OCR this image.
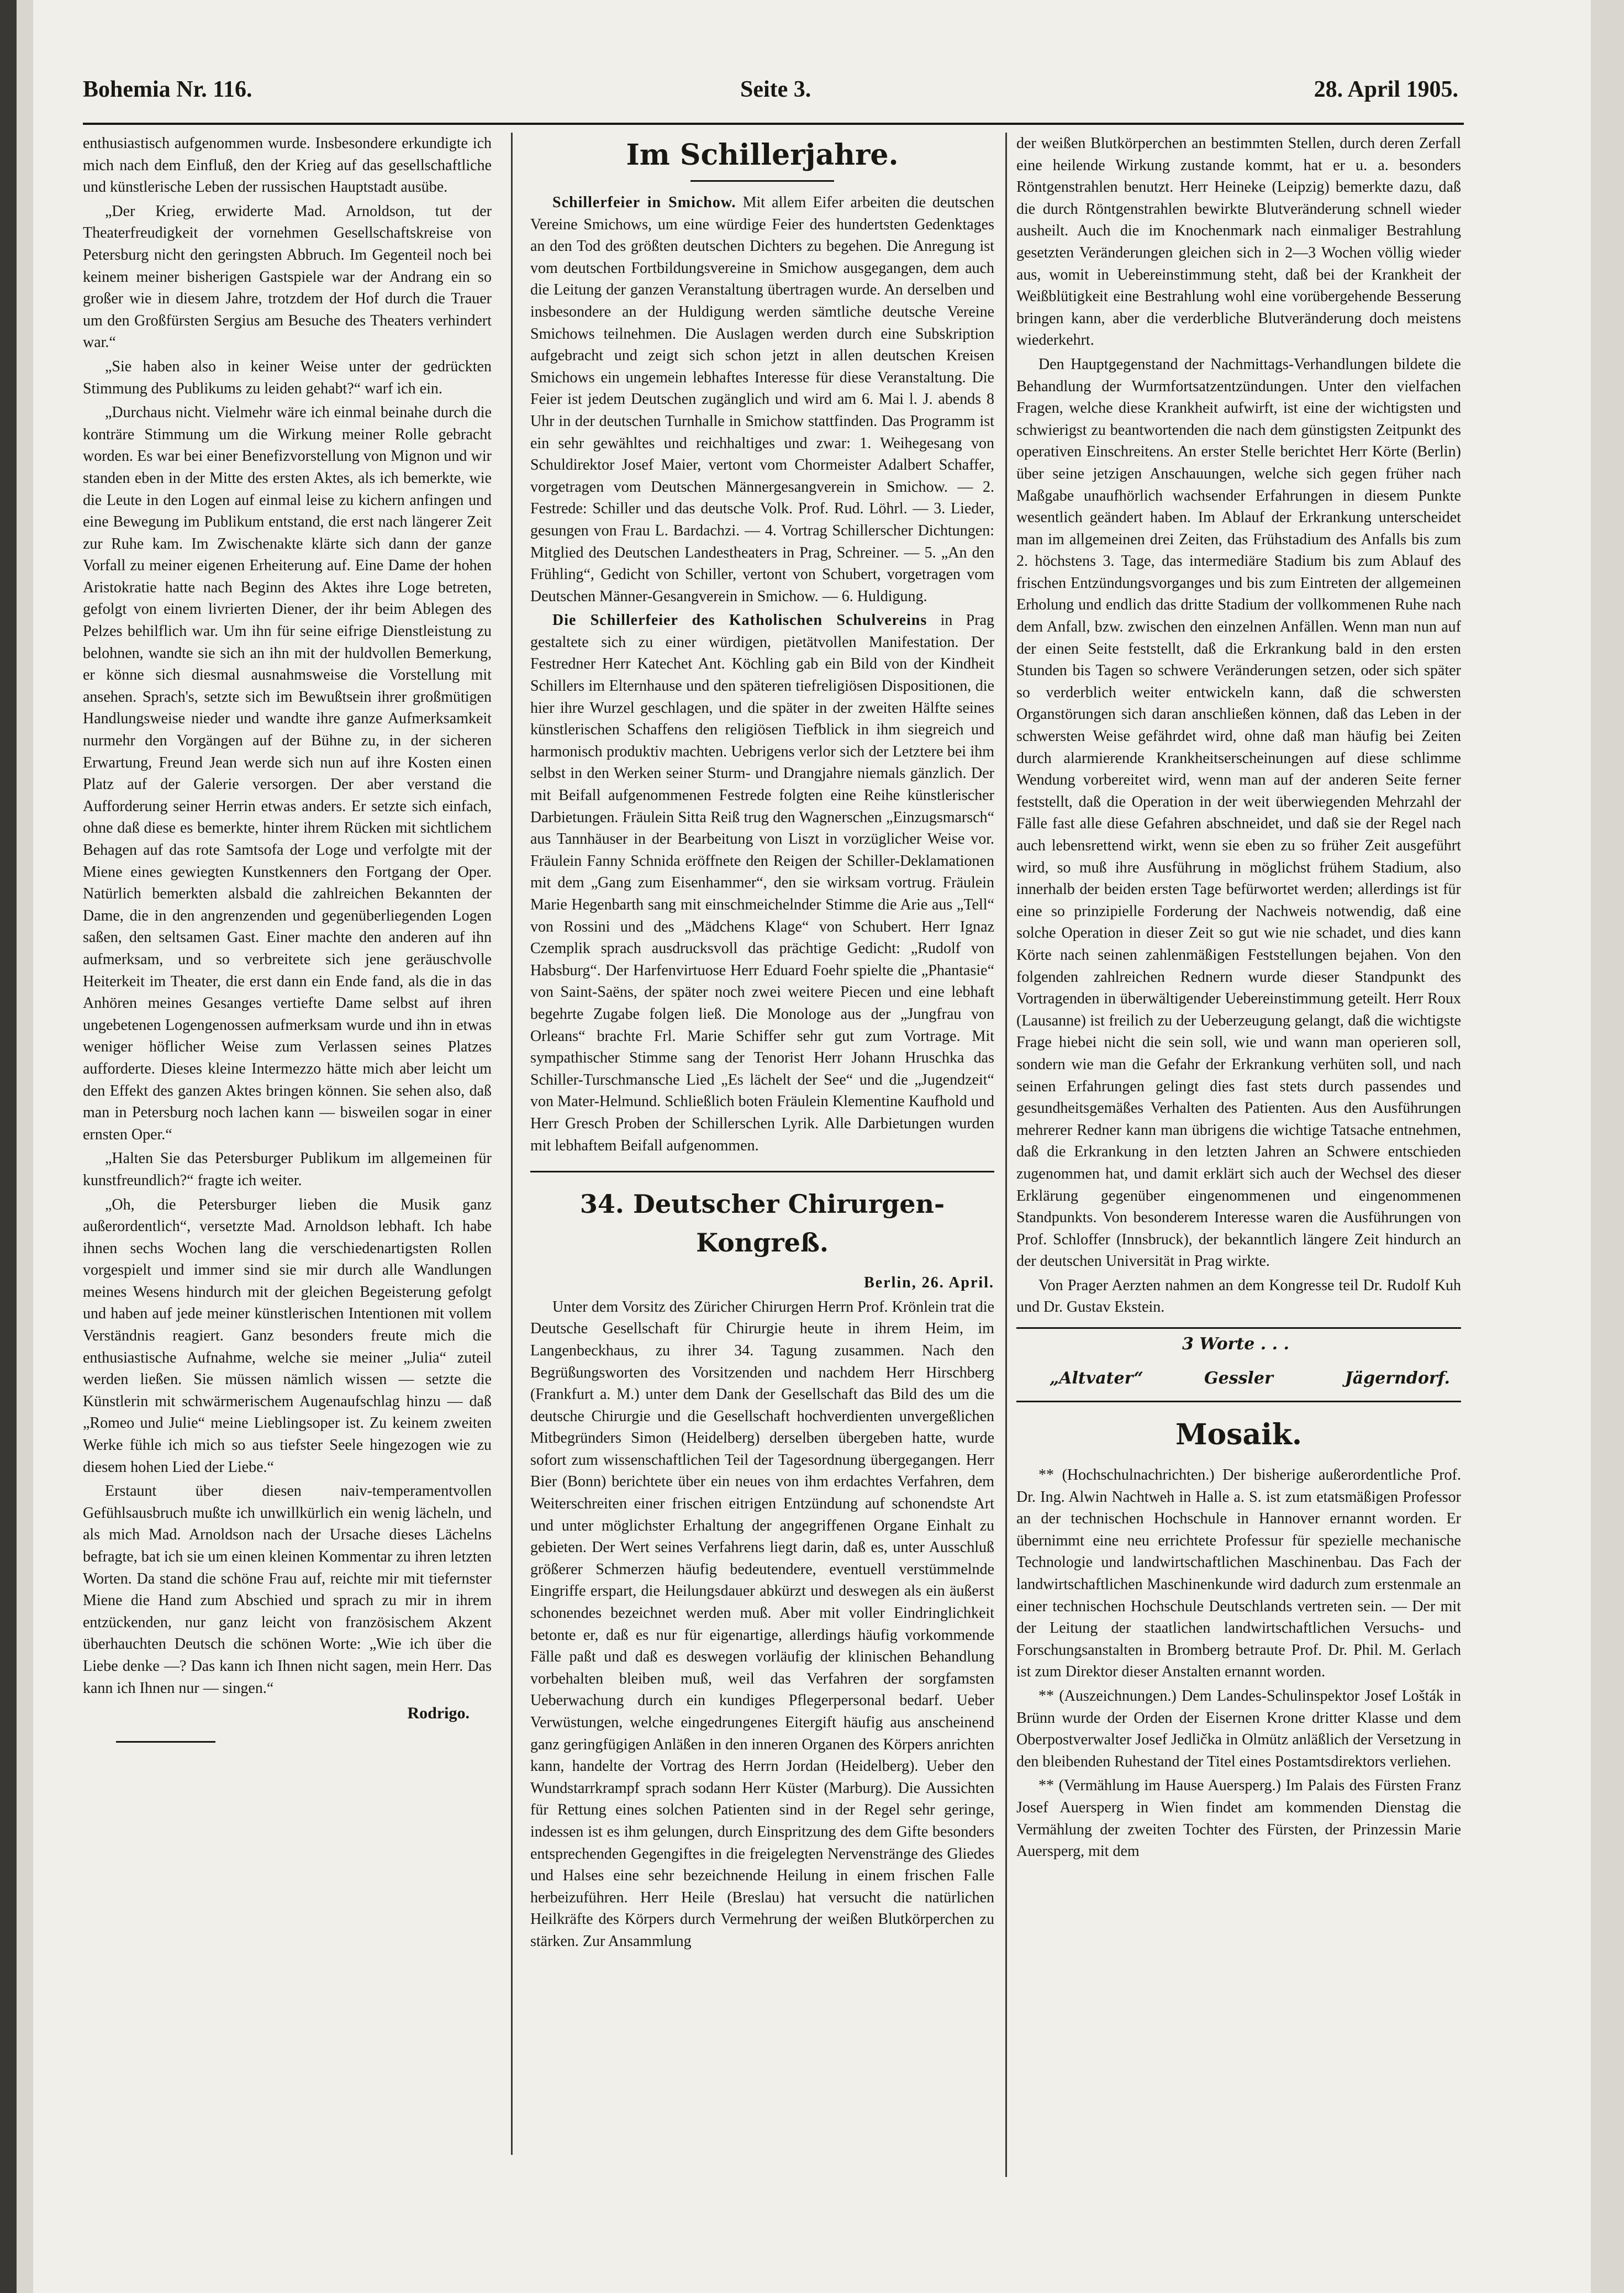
Bohemia Nr. 116.	Seite 3.	28. April 1905.

enthusiastisch aufgenommen wurde. Insbesondere erkundigte ich mich nach dem Einfluß, den der Krieg auf das gesellschaftliche und künstlerische Leben der russischen Hauptstadt ausübe.

„Der Krieg, erwiderte Mad. Arnoldson, tut der Theaterfreudigkeit der vornehmen Gesellschaftskreise von Petersburg nicht den geringsten Abbruch. Im Gegenteil noch bei keinem meiner bisherigen Gastspiele war der Andrang ein so großer wie in diesem Jahre, trotzdem der Hof durch die Trauer um den Großfürsten Sergius am Besuche des Theaters verhindert war.“

„Sie haben also in keiner Weise unter der gedrückten Stimmung des Publikums zu leiden gehabt?“ warf ich ein.

„Durchaus nicht. Vielmehr wäre ich einmal beinahe durch die konträre Stimmung um die Wirkung meiner Rolle gebracht worden. Es war bei einer Benefizvorstellung von Mignon und wir standen eben in der Mitte des ersten Aktes, als ich bemerkte, wie die Leute in den Logen auf einmal leise zu kichern anfingen und eine Bewegung im Publikum entstand, die erst nach längerer Zeit zur Ruhe kam. Im Zwischenakte klärte sich dann der ganze Vorfall zu meiner eigenen Erheiterung auf. Eine Dame der hohen Aristokratie hatte nach Beginn des Aktes ihre Loge betreten, gefolgt von einem livrierten Diener, der ihr beim Ablegen des Pelzes behilflich war. Um ihn für seine eifrige Dienstleistung zu belohnen, wandte sie sich an ihn mit der huldvollen Bemerkung, er könne sich diesmal ausnahmsweise die Vorstellung mit ansehen. Sprach's, setzte sich im Bewußtsein ihrer großmütigen Handlungsweise nieder und wandte ihre ganze Aufmerksamkeit nurmehr den Vorgängen auf der Bühne zu, in der sicheren Erwartung, Freund Jean werde sich nun auf ihre Kosten einen Platz auf der Galerie versorgen. Der aber verstand die Aufforderung seiner Herrin etwas anders. Er setzte sich einfach, ohne daß diese es bemerkte, hinter ihrem Rücken mit sichtlichem Behagen auf das rote Samtsofa der Loge und verfolgte mit der Miene eines gewiegten Kunstkenners den Fortgang der Oper. Natürlich bemerkten alsbald die zahlreichen Bekannten der Dame, die in den angrenzenden und gegenüberliegenden Logen saßen, den seltsamen Gast. Einer machte den anderen auf ihn aufmerksam, und so verbreitete sich jene geräuschvolle Heiterkeit im Theater, die erst dann ein Ende fand, als die in das Anhören meines Gesanges vertiefte Dame selbst auf ihren ungebetenen Logengenossen aufmerksam wurde und ihn in etwas weniger höflicher Weise zum Verlassen seines Platzes aufforderte. Dieses kleine Intermezzo hätte mich aber leicht um den Effekt des ganzen Aktes bringen können. Sie sehen also, daß man in Petersburg noch lachen kann — bisweilen sogar in einer ernsten Oper.“

„Halten Sie das Petersburger Publikum im allgemeinen für kunstfreundlich?“ fragte ich weiter.

„Oh, die Petersburger lieben die Musik ganz außerordentlich“, versetzte Mad. Arnoldson lebhaft. Ich habe ihnen sechs Wochen lang die verschiedenartigsten Rollen vorgespielt und immer sind sie mir durch alle Wandlungen meines Wesens hindurch mit der gleichen Begeisterung gefolgt und haben auf jede meiner künstlerischen Intentionen mit vollem Verständnis reagiert. Ganz besonders freute mich die enthusiastische Aufnahme, welche sie meiner „Julia“ zuteil werden ließen. Sie müssen nämlich wissen — setzte die Künstlerin mit schwärmerischem Augenaufschlag hinzu — daß „Romeo und Julie“ meine Lieblingsoper ist. Zu keinem zweiten Werke fühle ich mich so aus tiefster Seele hingezogen wie zu diesem hohen Lied der Liebe.“

Erstaunt über diesen naiv-temperamentvollen Gefühlsausbruch mußte ich unwillkürlich ein wenig lächeln, und als mich Mad. Arnoldson nach der Ursache dieses Lächelns befragte, bat ich sie um einen kleinen Kommentar zu ihren letzten Worten. Da stand die schöne Frau auf, reichte mir mit tiefernster Miene die Hand zum Abschied und sprach zu mir in ihrem entzückenden, nur ganz leicht von französischem Akzent überhauchten Deutsch die schönen Worte: „Wie ich über die Liebe denke —? Das kann ich Ihnen nicht sagen, mein Herr. Das kann ich Ihnen nur — singen.“

Rodrigo.
Im Schillerjahre.

Schillerfeier in Smichow. Mit allem Eifer arbeiten die deutschen Vereine Smichows, um eine würdige Feier des hundertsten Gedenktages an den Tod des größten deutschen Dichters zu begehen. Die Anregung ist vom deutschen Fortbildungsvereine in Smichow ausgegangen, dem auch die Leitung der ganzen Veranstaltung übertragen wurde. An derselben und insbesondere an der Huldigung werden sämtliche deutsche Vereine Smichows teilnehmen. Die Auslagen werden durch eine Subskription aufgebracht und zeigt sich schon jetzt in allen deutschen Kreisen Smichows ein ungemein lebhaftes Interesse für diese Veranstaltung. Die Feier ist jedem Deutschen zugänglich und wird am 6. Mai l. J. abends 8 Uhr in der deutschen Turnhalle in Smichow stattfinden. Das Programm ist ein sehr gewähltes und reichhaltiges und zwar: 1. Weihegesang von Schuldirektor Josef Maier, vertont vom Chormeister Adalbert Schaffer, vorgetragen vom Deutschen Männergesangverein in Smichow. — 2. Festrede: Schiller und das deutsche Volk. Prof. Rud. Löhrl. — 3. Lieder, gesungen von Frau L. Bardachzi. — 4. Vortrag Schillerscher Dichtungen: Mitglied des Deutschen Landestheaters in Prag, Schreiner. — 5. „An den Frühling“, Gedicht von Schiller, vertont von Schubert, vorgetragen vom Deutschen Männer-Gesangverein in Smichow. — 6. Huldigung.

Die Schillerfeier des Katholischen Schulvereins in Prag gestaltete sich zu einer würdigen, pietätvollen Manifestation. Der Festredner Herr Katechet Ant. Köchling gab ein Bild von der Kindheit Schillers im Elternhause und den späteren tiefreligiösen Dispositionen, die hier ihre Wurzel geschlagen, und die später in der zweiten Hälfte seines künstlerischen Schaffens den religiösen Tiefblick in ihm siegreich und harmonisch produktiv machten. Uebrigens verlor sich der Letztere bei ihm selbst in den Werken seiner Sturm- und Drangjahre niemals gänzlich. Der mit Beifall aufgenommenen Festrede folgten eine Reihe künstlerischer Darbietungen. Fräulein Sitta Reiß trug den Wagnerschen „Einzugsmarsch“ aus Tannhäuser in der Bearbeitung von Liszt in vorzüglicher Weise vor. Fräulein Fanny Schnida eröffnete den Reigen der Schiller-Deklamationen mit dem „Gang zum Eisenhammer“, den sie wirksam vortrug. Fräulein Marie Hegenbarth sang mit einschmeichelnder Stimme die Arie aus „Tell“ von Rossini und des „Mädchens Klage“ von Schubert. Herr Ignaz Czemplik sprach ausdrucksvoll das prächtige Gedicht: „Rudolf von Habsburg“. Der Harfenvirtuose Herr Eduard Foehr spielte die „Phantasie“ von Saint-Saëns, der später noch zwei weitere Piecen und eine lebhaft begehrte Zugabe folgen ließ. Die Monologe aus der „Jungfrau von Orleans“ brachte Frl. Marie Schiffer sehr gut zum Vortrage. Mit sympathischer Stimme sang der Tenorist Herr Johann Hruschka das Schiller-Turschmansche Lied „Es lächelt der See“ und die „Jugendzeit“ von Mater-Helmund. Schließlich boten Fräulein Klementine Kaufhold und Herr Gresch Proben der Schillerschen Lyrik. Alle Darbietungen wurden mit lebhaftem Beifall aufgenommen.

34. Deutscher Chirurgen-Kongreß.

Berlin, 26. April.

Unter dem Vorsitz des Züricher Chirurgen Herrn Prof. Krönlein trat die Deutsche Gesellschaft für Chirurgie heute in ihrem Heim, im Langenbeckhaus, zu ihrer 34. Tagung zusammen. Nach den Begrüßungsworten des Vorsitzenden und nachdem Herr Hirschberg (Frankfurt a. M.) unter dem Dank der Gesellschaft das Bild des um die deutsche Chirurgie und die Gesellschaft hochverdienten unvergeßlichen Mitbegründers Simon (Heidelberg) derselben übergeben hatte, wurde sofort zum wissenschaftlichen Teil der Tagesordnung übergegangen. Herr Bier (Bonn) berichtete über ein neues von ihm erdachtes Verfahren, dem Weiterschreiten einer frischen eitrigen Entzündung auf schonendste Art und unter möglichster Erhaltung der angegriffenen Organe Einhalt zu gebieten. Der Wert seines Verfahrens liegt darin, daß es, unter Ausschluß größerer Schmerzen häufig bedeutendere, eventuell verstümmelnde Eingriffe erspart, die Heilungsdauer abkürzt und deswegen als ein äußerst schonendes bezeichnet werden muß. Aber mit voller Eindringlichkeit betonte er, daß es nur für eigenartige, allerdings häufig vorkommende Fälle paßt und daß es deswegen vorläufig der klinischen Behandlung vorbehalten bleiben muß, weil das Verfahren der sorgfamsten Ueberwachung durch ein kundiges Pflegerpersonal bedarf. Ueber Verwüstungen, welche eingedrungenes Eitergift häufig aus anscheinend ganz geringfügigen Anläßen in den inneren Organen des Körpers anrichten kann, handelte der Vortrag des Herrn Jordan (Heidelberg). Ueber den Wundstarrkrampf sprach sodann Herr Küster (Marburg). Die Aussichten für Rettung eines solchen Patienten sind in der Regel sehr geringe, indessen ist es ihm gelungen, durch Einspritzung des dem Gifte besonders entsprechenden Gegengiftes in die freigelegten Nervenstränge des Gliedes und Halses eine sehr bezeichnende Heilung in einem frischen Falle herbeizuführen. Herr Heile (Breslau) hat versucht die natürlichen Heilkräfte des Körpers durch Vermehrung der weißen Blutkörperchen zu stärken. Zur Ansammlung

der weißen Blutkörperchen an bestimmten Stellen, durch deren Zerfall eine heilende Wirkung zustande kommt, hat er u. a. besonders Röntgenstrahlen benutzt. Herr Heineke (Leipzig) bemerkte dazu, daß die durch Röntgenstrahlen bewirkte Blutveränderung schnell wieder ausheilt. Auch die im Knochenmark nach einmaliger Bestrahlung gesetzten Veränderungen gleichen sich in 2—3 Wochen völlig wieder aus, womit in Uebereinstimmung steht, daß bei der Krankheit der Weißblütigkeit eine Bestrahlung wohl eine vorübergehende Besserung bringen kann, aber die verderbliche Blutveränderung doch meistens wiederkehrt.

Den Hauptgegenstand der Nachmittags-Verhandlungen bildete die Behandlung der Wurmfortsatzentzündungen. Unter den vielfachen Fragen, welche diese Krankheit aufwirft, ist eine der wichtigsten und schwierigst zu beantwortenden die nach dem günstigsten Zeitpunkt des operativen Einschreitens. An erster Stelle berichtet Herr Körte (Berlin) über seine jetzigen Anschauungen, welche sich gegen früher nach Maßgabe unaufhörlich wachsender Erfahrungen in diesem Punkte wesentlich geändert haben. Im Ablauf der Erkrankung unterscheidet man im allgemeinen drei Zeiten, das Frühstadium des Anfalls bis zum 2. höchstens 3. Tage, das intermediäre Stadium bis zum Ablauf des frischen Entzündungsvorganges und bis zum Eintreten der allgemeinen Erholung und endlich das dritte Stadium der vollkommenen Ruhe nach dem Anfall, bzw. zwischen den einzelnen Anfällen. Wenn man nun auf der einen Seite feststellt, daß die Erkrankung bald in den ersten Stunden bis Tagen so schwere Veränderungen setzen, oder sich später so verderblich weiter entwickeln kann, daß die schwersten Organstörungen sich daran anschließen können, daß das Leben in der schwersten Weise gefährdet wird, ohne daß man häufig bei Zeiten durch alarmierende Krankheitserscheinungen auf diese schlimme Wendung vorbereitet wird, wenn man auf der anderen Seite ferner feststellt, daß die Operation in der weit überwiegenden Mehrzahl der Fälle fast alle diese Gefahren abschneidet, und daß sie der Regel nach auch lebensrettend wirkt, wenn sie eben zu so früher Zeit ausgeführt wird, so muß ihre Ausführung in möglichst frühem Stadium, also innerhalb der beiden ersten Tage befürwortet werden; allerdings ist für eine so prinzipielle Forderung der Nachweis notwendig, daß eine solche Operation in dieser Zeit so gut wie nie schadet, und dies kann Körte nach seinen zahlenmäßigen Feststellungen bejahen. Von den folgenden zahlreichen Rednern wurde dieser Standpunkt des Vortragenden in überwältigender Uebereinstimmung geteilt. Herr Roux (Lausanne) ist freilich zu der Ueberzeugung gelangt, daß die wichtigste Frage hiebei nicht die sein soll, wie und wann man operieren soll, sondern wie man die Gefahr der Erkrankung verhüten soll, und nach seinen Erfahrungen gelingt dies fast stets durch passendes und gesundheitsgemäßes Verhalten des Patienten. Aus den Ausführungen mehrerer Redner kann man übrigens die wichtige Tatsache entnehmen, daß die Erkrankung in den letzten Jahren an Schwere entschieden zugenommen hat, und damit erklärt sich auch der Wechsel des dieser Erklärung gegenüber eingenommenen und eingenommenen Standpunkts. Von besonderem Interesse waren die Ausführungen von Prof. Schloffer (Innsbruck), der bekanntlich längere Zeit hindurch an der deutschen Universität in Prag wirkte.

Von Prager Aerzten nahmen an dem Kongresse teil Dr. Rudolf Kuh und Dr. Gustav Ekstein.

3 Worte . . .
„Altvater“	Gessler	Jägerndorf.
Mosaik.

** (Hochschulnachrichten.) Der bisherige außerordentliche Prof. Dr. Ing. Alwin Nachtweh in Halle a. S. ist zum etatsmäßigen Professor an der technischen Hochschule in Hannover ernannt worden. Er übernimmt eine neu errichtete Professur für spezielle mechanische Technologie und landwirtschaftlichen Maschinenbau. Das Fach der landwirtschaftlichen Maschinenkunde wird dadurch zum erstenmale an einer technischen Hochschule Deutschlands vertreten sein. — Der mit der Leitung der staatlichen landwirtschaftlichen Versuchs- und Forschungsanstalten in Bromberg betraute Prof. Dr. Phil. M. Gerlach ist zum Direktor dieser Anstalten ernannt worden.

** (Auszeichnungen.) Dem Landes-Schulinspektor Josef Lošták in Brünn wurde der Orden der Eisernen Krone dritter Klasse und dem Oberpostverwalter Josef Jedlička in Olmütz anläßlich der Versetzung in den bleibenden Ruhestand der Titel eines Postamtsdirektors verliehen.

** (Vermählung im Hause Auersperg.) Im Palais des Fürsten Franz Josef Auersperg in Wien findet am kommenden Dienstag die Vermählung der zweiten Tochter des Fürsten, der Prinzessin Marie Auersperg, mit dem
